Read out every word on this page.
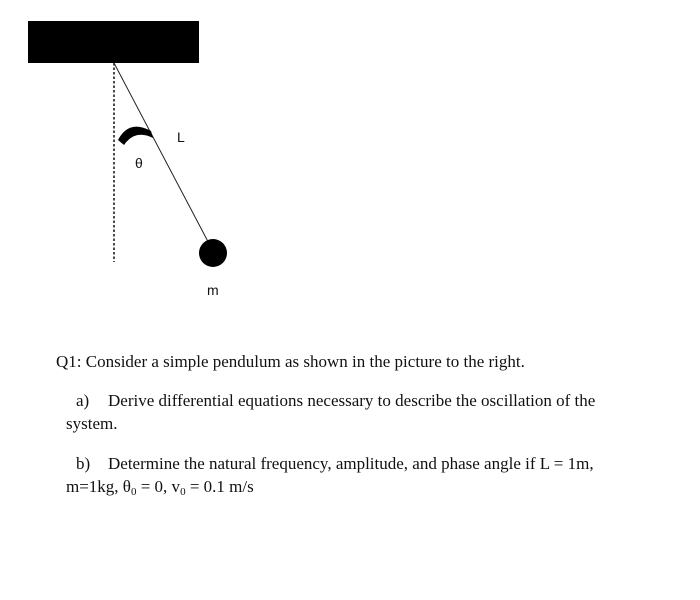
L
θ
m
Q1: Consider a simple pendulum as shown in the picture to the right.
a) Derive differential equations necessary to describe the oscillation of the
system.
b) Determine the natural frequency, amplitude, and phase angle if L = 1m,
m=1kg, $\theta_0 = 0$, $v_0 = 0.1$ m/s
